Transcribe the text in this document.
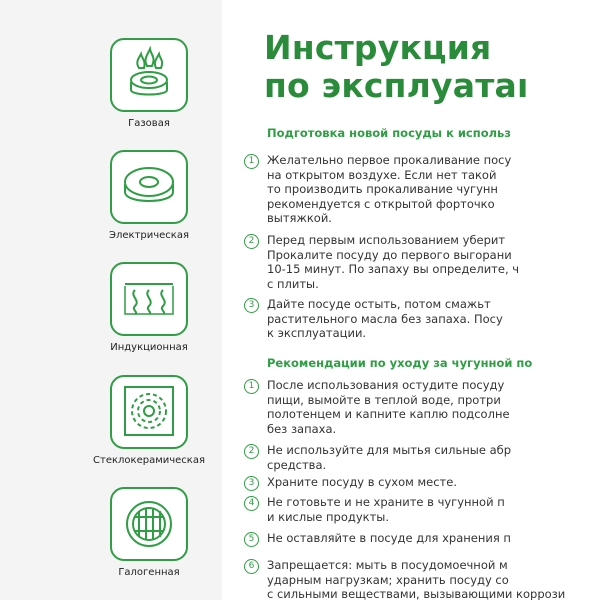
Газовая
Электрическая
Индукционная
Стеклокерамическая
Галогенная
Инструкция
по эксплуатаı
Подготовка новой посуды к использ
1	Желательно первое прокаливание посу
на открытом воздухе. Если нет такой
то производить прокаливание чугунн
рекомендуется с открытой форточко
вытяжкой.
2	Перед первым использованием уберит
Прокалите посуду до первого выгорани
10-15 минут. По запаху вы определите, ч
с плиты.
3	Дайте посуде остыть, потом смажьт
растительного масла без запаха. Посу
к эксплуатации.
Рекомендации по уходу за чугунной по
1	После использования остудите посуду
пищи, вымойте в теплой воде, протри
полотенцем и капните каплю подсолне
без запаха.
2	Не используйте для мытья сильные абр
средства.
3	Храните посуду в сухом месте.
4	Не готовьте и не храните в чугунной п
и кислые продукты.
5	Не оставляйте в посуде для хранения п
6	Запрещается: мыть в посудомоечной м
ударным нагрузкам; хранить посуду со
с сильными веществами, вызывающими коррози
